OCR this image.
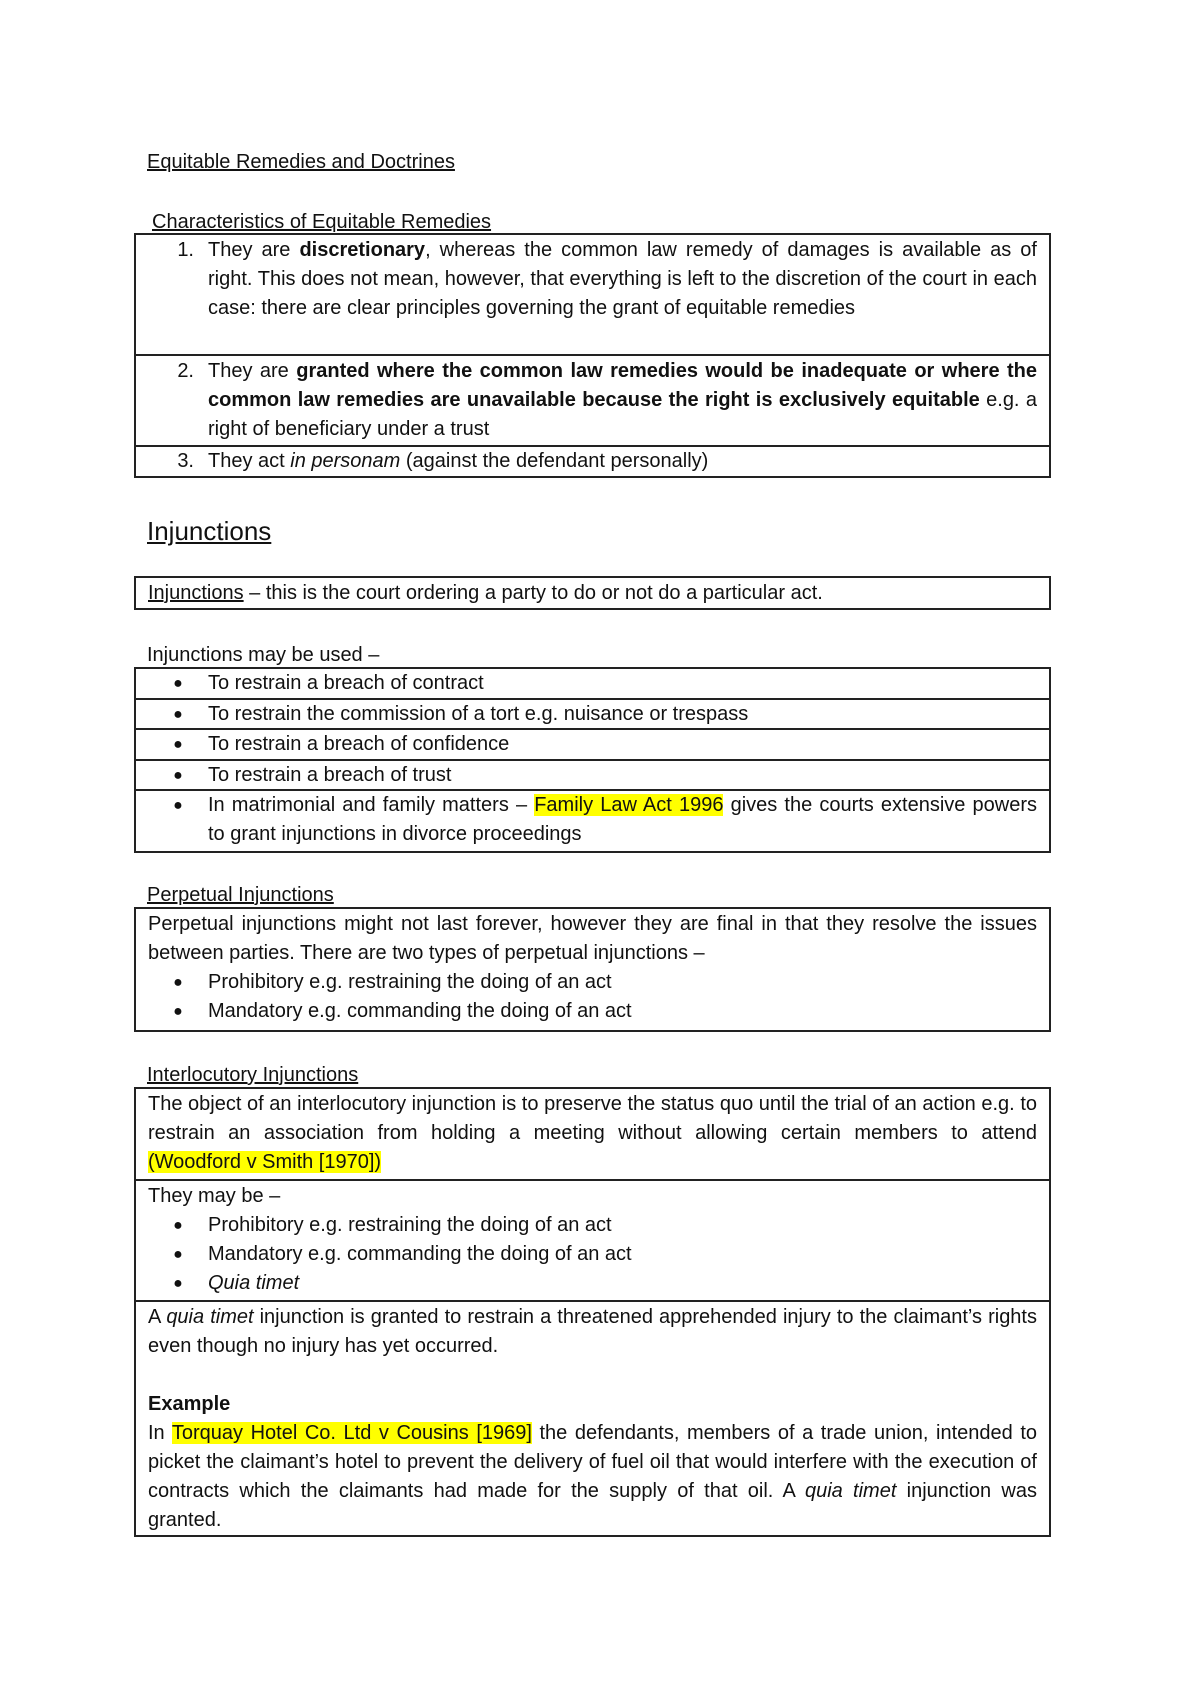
Equitable Remedies and Doctrines
Characteristics of Equitable Remedies
1. They are discretionary, whereas the common law remedy of damages is available as of right. This does not mean, however, that everything is left to the discretion of the court in each case: there are clear principles governing the grant of equitable remedies
2. They are granted where the common law remedies would be inadequate or where the common law remedies are unavailable because the right is exclusively equitable e.g. a right of beneficiary under a trust
3. They act in personam (against the defendant personally)
Injunctions
Injunctions – this is the court ordering a party to do or not do a particular act.
Injunctions may be used –
●	To restrain a breach of contract
●	To restrain the commission of a tort e.g. nuisance or trespass
●	To restrain a breach of confidence
●	To restrain a breach of trust
●	In matrimonial and family matters – Family Law Act 1996 gives the courts extensive powers to grant injunctions in divorce proceedings
Perpetual Injunctions
Perpetual injunctions might not last forever, however they are final in that they resolve the issues between parties. There are two types of perpetual injunctions –
●	Prohibitory e.g. restraining the doing of an act
●	Mandatory e.g. commanding the doing of an act
Interlocutory Injunctions
The object of an interlocutory injunction is to preserve the status quo until the trial of an action e.g. to restrain an association from holding a meeting without allowing certain members to attend (Woodford v Smith [1970])
They may be –
●	Prohibitory e.g. restraining the doing of an act
●	Mandatory e.g. commanding the doing of an act
●	Quia timet
A quia timet injunction is granted to restrain a threatened apprehended injury to the claimant’s rights even though no injury has yet occurred.
Example
In Torquay Hotel Co. Ltd v Cousins [1969] the defendants, members of a trade union, intended to picket the claimant’s hotel to prevent the delivery of fuel oil that would interfere with the execution of contracts which the claimants had made for the supply of that oil. A quia timet injunction was granted.
